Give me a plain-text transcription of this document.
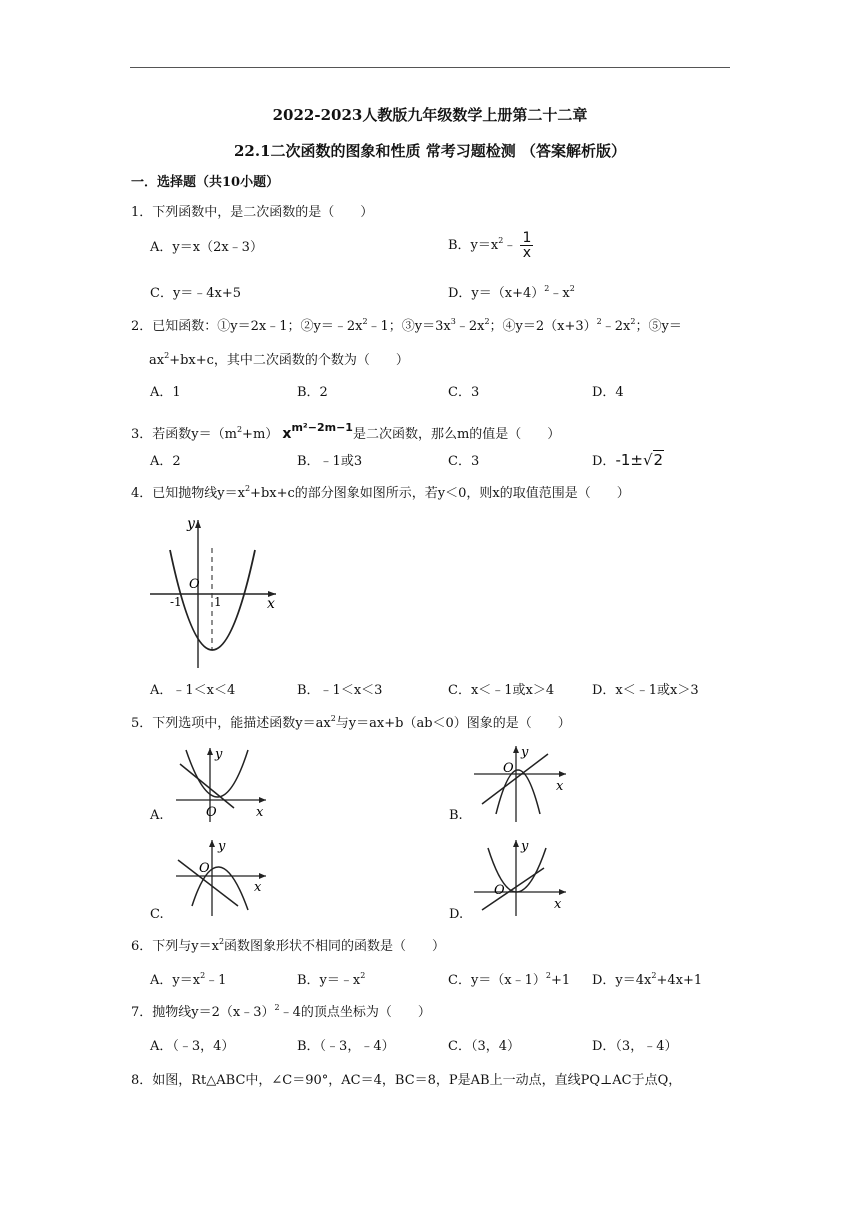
2022-2023人教版九年级数学上册第二十二章
22.1二次函数的图象和性质 常考习题检测 （答案解析版）
一．选择题（共10小题）
1．下列函数中，是二次函数的是（　　）
A．y＝x（2x﹣3）	B．$y=x^2﹣ \frac{1}{x}$
C．y＝﹣4x+5	D．$y=(x+4)^2﹣x^2$
2．已知函数：①y＝2x﹣1；$②y=﹣2x^2﹣1$；$③y=3x^3﹣2x^2$；$④y=2(x+3)^2﹣2x^2$；⑤y＝
$ax^2+bx+c$，其中二次函数的个数为（　　）
A．1	B．2	C．3	D．4
3．若函数$y=(m^2+m)$ $x^{m^2-2m-1}$是二次函数，那么m的值是（　　）
A．2	B．﹣1或3	C．3	D．-1±√2
4．已知抛物线$y=x^2+bx+c$的部分图象如图所示，若y＜0，则x的取值范围是（　　）
y
x
O
-1	1
A．﹣1＜x＜4	B．﹣1＜x＜3	C．x＜﹣1或x＞4	D．x＜﹣1或x＞3
5．下列选项中，能描述函数$y=ax^2$与y＝ax+b（ab＜0）图象的是（　　）
A.
y
x
O	B.
y
x
O
C.
y
x
O
D.
y
x
O
6．下列与$y=x^2$函数图象形状不相同的函数是（　　）
A．$y=x^2﹣1$	B．$y=﹣x^2$	C．y＝（x﹣1）$^2$+1 D．$y=4x^2+4x+1$
7．抛物线y＝2（x﹣3）$^2$﹣4的顶点坐标为（　　）
A．（﹣3，4）	B．（﹣3，﹣4）	C．（3，4）	D．（3，﹣4）
8．如图，Rt△ABC中，∠C＝90°，AC＝4，BC＝8，P是AB上一动点，直线PQ⊥AC于点Q，
